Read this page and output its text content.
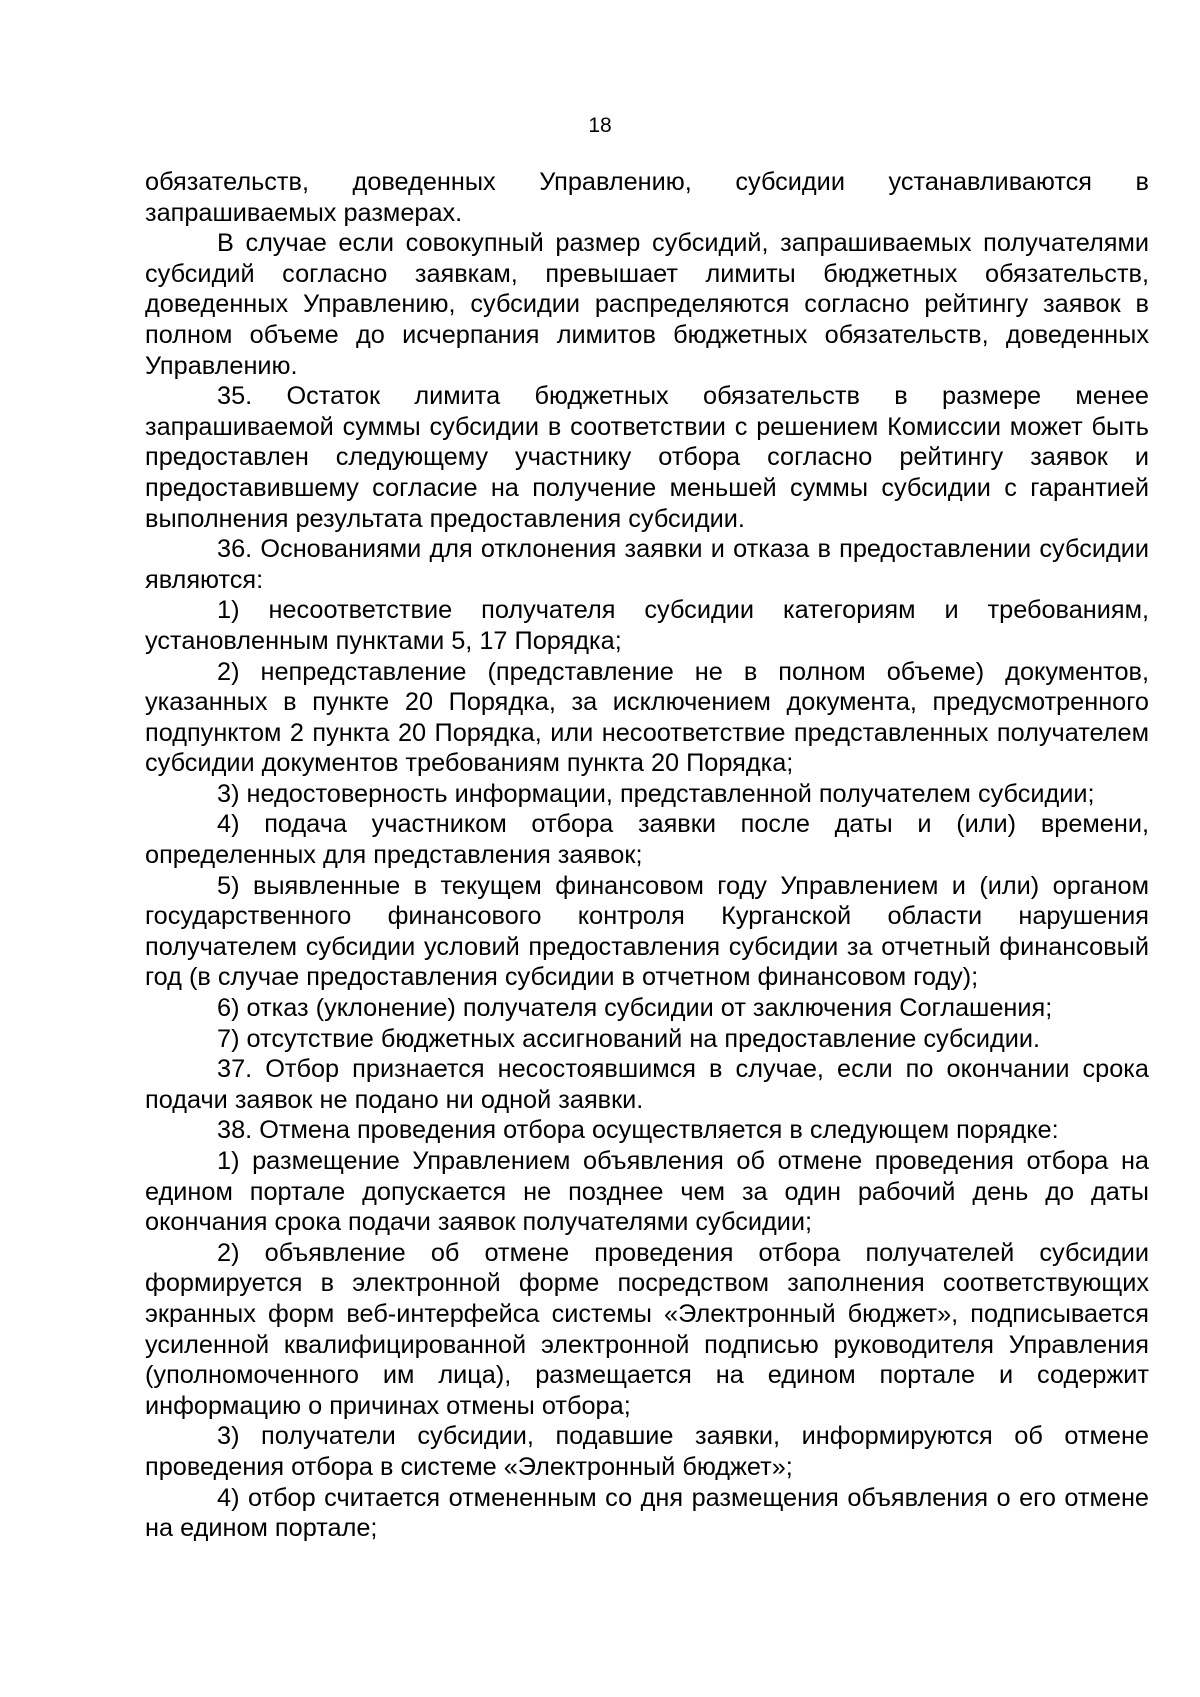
18

обязательств, доведенных Управлению, субсидии устанавливаются в запрашиваемых размерах.

В случае если совокупный размер субсидий, запрашиваемых получателями субсидий согласно заявкам, превышает лимиты бюджетных обязательств, доведенных Управлению, субсидии распределяются согласно рейтингу заявок в полном объеме до исчерпания лимитов бюджетных обязательств, доведенных Управлению.

35. Остаток лимита бюджетных обязательств в размере менее запрашиваемой суммы субсидии в соответствии с решением Комиссии может быть предоставлен следующему участнику отбора согласно рейтингу заявок и предоставившему согласие на получение меньшей суммы субсидии с гарантией выполнения результата предоставления субсидии.

36. Основаниями для отклонения заявки и отказа в предоставлении субсидии являются:

1) несоответствие получателя субсидии категориям и требованиям, установленным пунктами 5, 17 Порядка;

2) непредставление (представление не в полном объеме) документов, указанных в пункте 20 Порядка, за исключением документа, предусмотренного подпунктом 2 пункта 20 Порядка, или несоответствие представленных получателем субсидии документов требованиям пункта 20 Порядка;

3) недостоверность информации, представленной получателем субсидии;

4) подача участником отбора заявки после даты и (или) времени, определенных для представления заявок;

5) выявленные в текущем финансовом году Управлением и (или) органом государственного финансового контроля Курганской области нарушения получателем субсидии условий предоставления субсидии за отчетный финансовый год (в случае предоставления субсидии в отчетном финансовом году);

6) отказ (уклонение) получателя субсидии от заключения Соглашения;

7) отсутствие бюджетных ассигнований на предоставление субсидии.

37. Отбор признается несостоявшимся в случае, если по окончании срока подачи заявок не подано ни одной заявки.

38. Отмена проведения отбора осуществляется в следующем порядке:

1) размещение Управлением объявления об отмене проведения отбора на едином портале допускается не позднее чем за один рабочий день до даты окончания срока подачи заявок получателями субсидии;

2) объявление об отмене проведения отбора получателей субсидии формируется в электронной форме посредством заполнения соответствующих экранных форм веб-интерфейса системы «Электронный бюджет», подписывается усиленной квалифицированной электронной подписью руководителя Управления (уполномоченного им лица), размещается на едином портале и содержит информацию о причинах отмены отбора;

3) получатели субсидии, подавшие заявки, информируются об отмене проведения отбора в системе «Электронный бюджет»;

4) отбор считается отмененным со дня размещения объявления о его отмене на едином портале;
